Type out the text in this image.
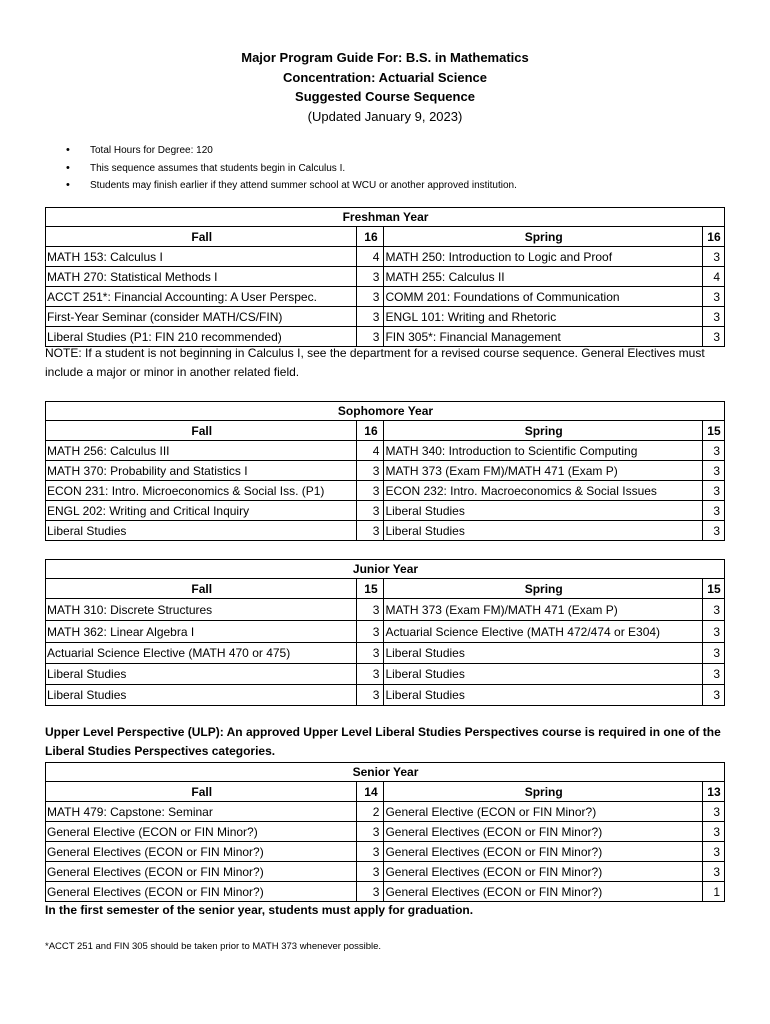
Major Program Guide For: B.S. in Mathematics
Concentration: Actuarial Science
Suggested Course Sequence
(Updated January 9, 2023)
• Total Hours for Degree: 120
• This sequence assumes that students begin in Calculus I.
• Students may finish earlier if they attend summer school at WCU or another approved institution.
Freshman Year			
Fall	16	Spring	16
MATH 153: Calculus I	4	MATH 250: Introduction to Logic and Proof	3
MATH 270: Statistical Methods I	3	MATH 255: Calculus II	4
ACCT 251*: Financial Accounting: A User Perspec.	3	COMM 201: Foundations of Communication	3
First-Year Seminar (consider MATH/CS/FIN)	3	ENGL 101: Writing and Rhetoric	3
Liberal Studies (P1: FIN 210 recommended)	3	FIN 305*: Financial Management	3
NOTE: If a student is not beginning in Calculus I, see the department for a revised course sequence. General Electives must include a major or minor in another related field.
Sophomore Year			
Fall	16	Spring	15
MATH 256: Calculus III	4	MATH 340: Introduction to Scientific Computing	3
MATH 370: Probability and Statistics I	3	MATH 373 (Exam FM)/MATH 471 (Exam P)	3
ECON 231: Intro. Microeconomics & Social Iss. (P1)	3	ECON 232: Intro. Macroeconomics & Social Issues	3
ENGL 202: Writing and Critical Inquiry	3	Liberal Studies	3
Liberal Studies	3	Liberal Studies	3
Junior Year			
Fall	15	Spring	15
MATH 310: Discrete Structures	3	MATH 373 (Exam FM)/MATH 471 (Exam P)	3
MATH 362: Linear Algebra I	3	Actuarial Science Elective (MATH 472/474 or E304)	3
Actuarial Science Elective (MATH 470 or 475)	3	Liberal Studies	3
Liberal Studies	3	Liberal Studies	3
Liberal Studies	3	Liberal Studies	3
Upper Level Perspective (ULP): An approved Upper Level Liberal Studies Perspectives course is required in one of the Liberal Studies Perspectives categories.
Senior Year			
Fall	14	Spring	13
MATH 479: Capstone: Seminar	2	General Elective (ECON or FIN Minor?)	3
General Elective (ECON or FIN Minor?)	3	General Electives (ECON or FIN Minor?)	3
General Electives (ECON or FIN Minor?)	3	General Electives (ECON or FIN Minor?)	3
General Electives (ECON or FIN Minor?)	3	General Electives (ECON or FIN Minor?)	3
General Electives (ECON or FIN Minor?)	3	General Electives (ECON or FIN Minor?)	1
In the first semester of the senior year, students must apply for graduation.
*ACCT 251 and FIN 305 should be taken prior to MATH 373 whenever possible.
